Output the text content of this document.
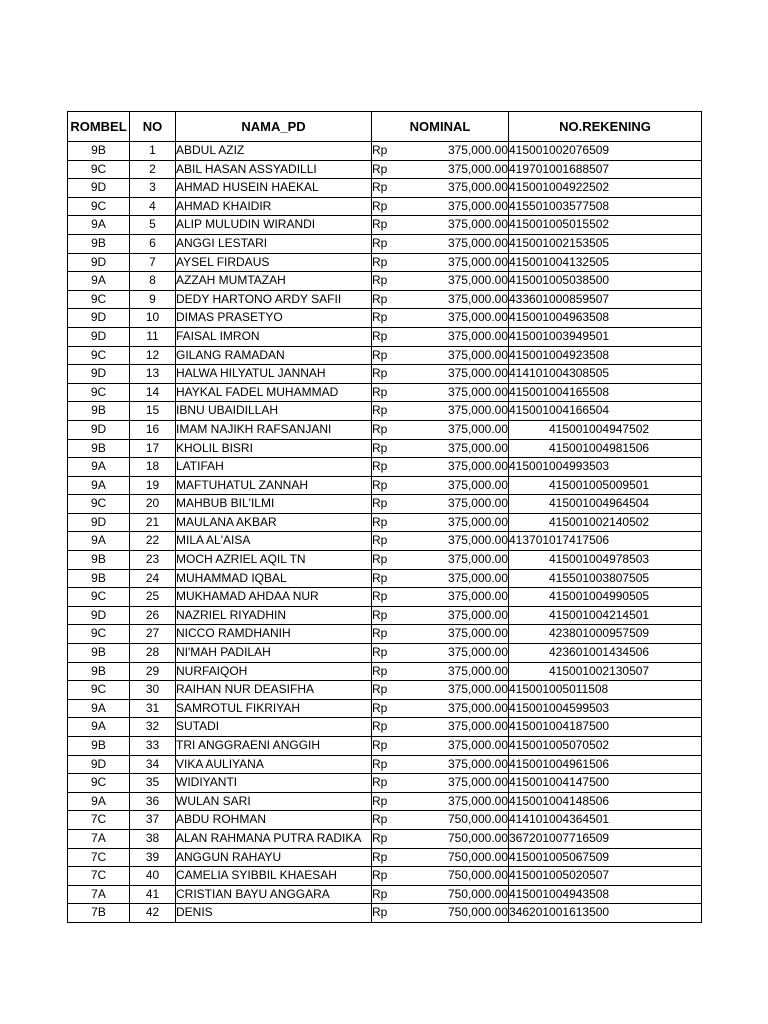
ROMBEL	NO	NAMA_PD	NOMINAL	NO.REKENING
9B	1	ABDUL AZIZ	Rp 375,000.00	415001002076509
9C	2	ABIL HASAN ASSYADILLI	Rp 375,000.00	419701001688507
9D	3	AHMAD HUSEIN HAEKAL	Rp 375,000.00	415001004922502
9C	4	AHMAD KHAIDIR	Rp 375,000.00	415501003577508
9A	5	ALIP MULUDIN WIRANDI	Rp 375,000.00	415001005015502
9B	6	ANGGI LESTARI	Rp 375,000.00	415001002153505
9D	7	AYSEL FIRDAUS	Rp 375,000.00	415001004132505
9A	8	AZZAH MUMTAZAH	Rp 375,000.00	415001005038500
9C	9	DEDY HARTONO ARDY SAFII	Rp 375,000.00	433601000859507
9D	10	DIMAS PRASETYO	Rp 375,000.00	415001004963508
9D	11	FAISAL IMRON	Rp 375,000.00	415001003949501
9C	12	GILANG RAMADAN	Rp 375,000.00	415001004923508
9D	13	HALWA HILYATUL JANNAH	Rp 375,000.00	414101004308505
9C	14	HAYKAL FADEL MUHAMMAD	Rp 375,000.00	415001004165508
9B	15	IBNU UBAIDILLAH	Rp 375,000.00	415001004166504
9D	16	IMAM NAJIKH RAFSANJANI	Rp 375,000.00	415001004947502
9B	17	KHOLIL BISRI	Rp 375,000.00	415001004981506
9A	18	LATIFAH	Rp 375,000.00	415001004993503
9A	19	MAFTUHATUL ZANNAH	Rp 375,000.00	415001005009501
9C	20	MAHBUB BIL'ILMI	Rp 375,000.00	415001004964504
9D	21	MAULANA AKBAR	Rp 375,000.00	415001002140502
9A	22	MILA AL'AISA	Rp 375,000.00	413701017417506
9B	23	MOCH AZRIEL AQIL TN	Rp 375,000.00	415001004978503
9B	24	MUHAMMAD IQBAL	Rp 375,000.00	415501003807505
9C	25	MUKHAMAD AHDAA NUR	Rp 375,000.00	415001004990505
9D	26	NAZRIEL RIYADHIN	Rp 375,000.00	415001004214501
9C	27	NICCO RAMDHANIH	Rp 375,000.00	423801000957509
9B	28	NI'MAH PADILAH	Rp 375,000.00	423601001434506
9B	29	NURFAIQOH	Rp 375,000.00	415001002130507
9C	30	RAIHAN NUR DEASIFHA	Rp 375,000.00	415001005011508
9A	31	SAMROTUL FIKRIYAH	Rp 375,000.00	415001004599503
9A	32	SUTADI	Rp 375,000.00	415001004187500
9B	33	TRI ANGGRAENI ANGGIH	Rp 375,000.00	415001005070502
9D	34	VIKA AULIYANA	Rp 375,000.00	415001004961506
9C	35	WIDIYANTI	Rp 375,000.00	415001004147500
9A	36	WULAN SARI	Rp 375,000.00	415001004148506
7C	37	ABDU ROHMAN	Rp 750,000.00	414101004364501
7A	38	ALAN RAHMANA PUTRA RADIKA	Rp 750,000.00	367201007716509
7C	39	ANGGUN RAHAYU	Rp 750,000.00	415001005067509
7C	40	CAMELIA SYIBBIL KHAESAH	Rp 750,000.00	415001005020507
7A	41	CRISTIAN BAYU ANGGARA	Rp 750,000.00	415001004943508
7B	42	DENIS	Rp 750,000.00	346201001613500
